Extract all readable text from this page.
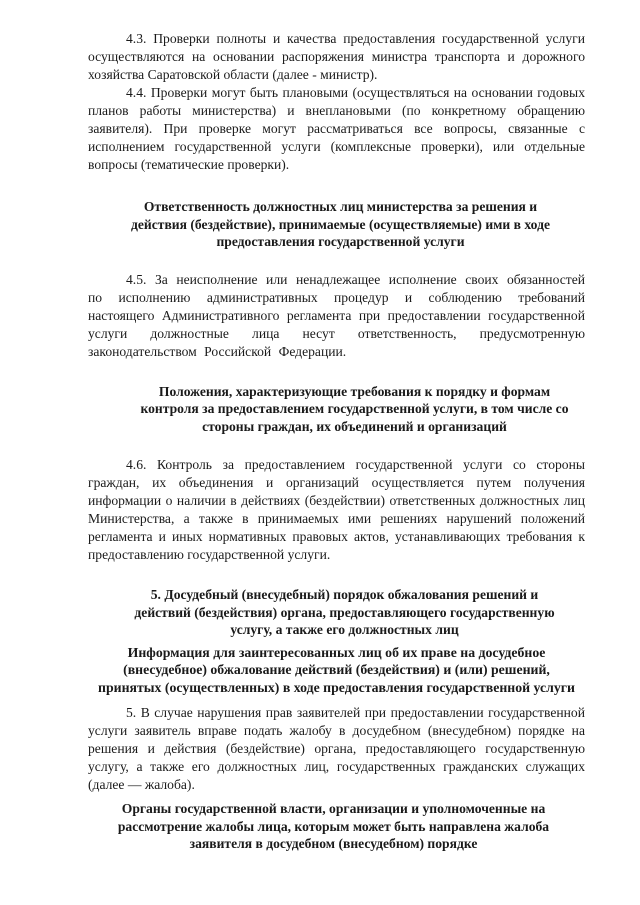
4.3. Проверки полноты и качества предоставления государственной услуги осуществляются на основании распоряжения министра транспорта и дорожного хозяйства Саратовской области (далее - министр).

4.4. Проверки могут быть плановыми (осуществляться на основании годовых планов работы министерства) и внеплановыми (по конкретному обращению заявителя). При проверке могут рассматриваться все вопросы, связанные с исполнением государственной услуги (комплексные проверки), или отдельные вопросы (тематические проверки).

Ответственность должностных лиц министерства за решения и действия (бездействие), принимаемые (осуществляемые) ими в ходе предоставления государственной услуги

4.5. За неисполнение или ненадлежащее исполнение своих обязанностей по исполнению административных процедур и соблюдению требований настоящего Административного регламента при предоставлении государственной услуги должностные лица несут ответственность, предусмотренную законодательством Российской Федерации.

Положения, характеризующие требования к порядку и формам контроля за предоставлением государственной услуги, в том числе со стороны граждан, их объединений и организаций

4.6. Контроль за предоставлением государственной услуги со стороны граждан, их объединения и организаций осуществляется путем получения информации о наличии в действиях (бездействии) ответственных должностных лиц Министерства, а также в принимаемых ими решениях нарушений положений регламента и иных нормативных правовых актов, устанавливающих требования к предоставлению государственной услуги.

5. Досудебный (внесудебный) порядок обжалования решений и действий (бездействия) органа, предоставляющего государственную услугу, а также его должностных лиц

Информация для заинтересованных лиц об их праве на досудебное (внесудебное) обжалование действий (бездействия) и (или) решений, принятых (осуществленных) в ходе предоставления государственной услуги

5. В случае нарушения прав заявителей при предоставлении государственной услуги заявитель вправе подать жалобу в досудебном (внесудебном) порядке на решения и действия (бездействие) органа, предоставляющего государственную услугу, а также его должностных лиц, государственных гражданских служащих (далее — жалоба).

Органы государственной власти, организации и уполномоченные на рассмотрение жалобы лица, которым может быть направлена жалоба заявителя в досудебном (внесудебном) порядке
